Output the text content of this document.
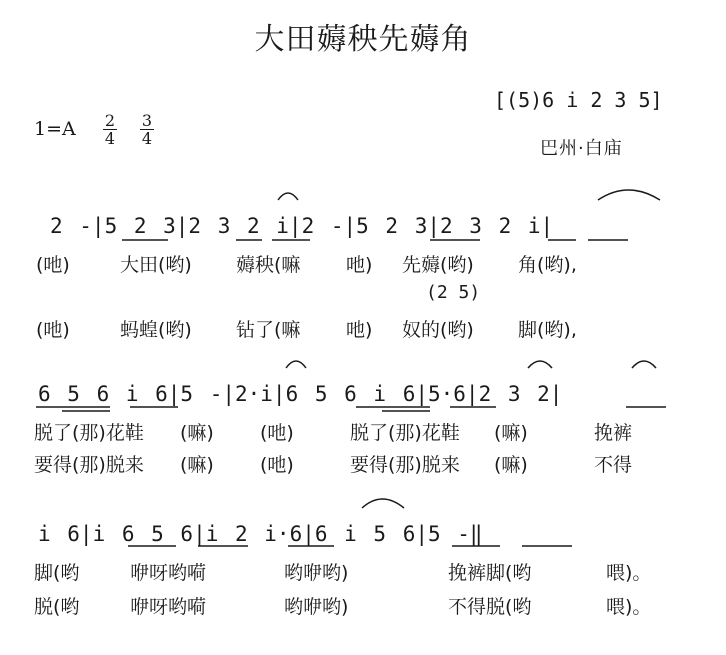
大田薅秧先薅角
[(5)6 i 2 3 5]
巴州·白庙
1=A 2
4
3
4
2 -|5 2 3|2 3 2 i|2 -|5 2 3|2 3 2 i|
(吔)	大田(哟) 薅秧(嘛 吔) 先薅(哟) 角(哟),
(2 5)
(吔)	蚂蝗(哟) 钻了(嘛 吔) 奴的(哟) 脚(哟),
6 5 6 i 6|5 -|2·i|6 5 6 i 6|5·6|2 3 2|
脱了(那)花鞋 (嘛) (吔)	脱了(那)花鞋 (嘛)	挽裤
要得(那)脱来 (嘛) (吔)	要得(那)脱来 (嘛)	不得
i 6|i 6 5 6|i 2 i·6|6 i 5 6|5 -‖
脚(哟	咿呀哟嗬	哟咿哟)	挽裤脚(哟	喂)。
脱(哟	咿呀哟嗬	哟咿哟)	不得脱(哟	喂)。
